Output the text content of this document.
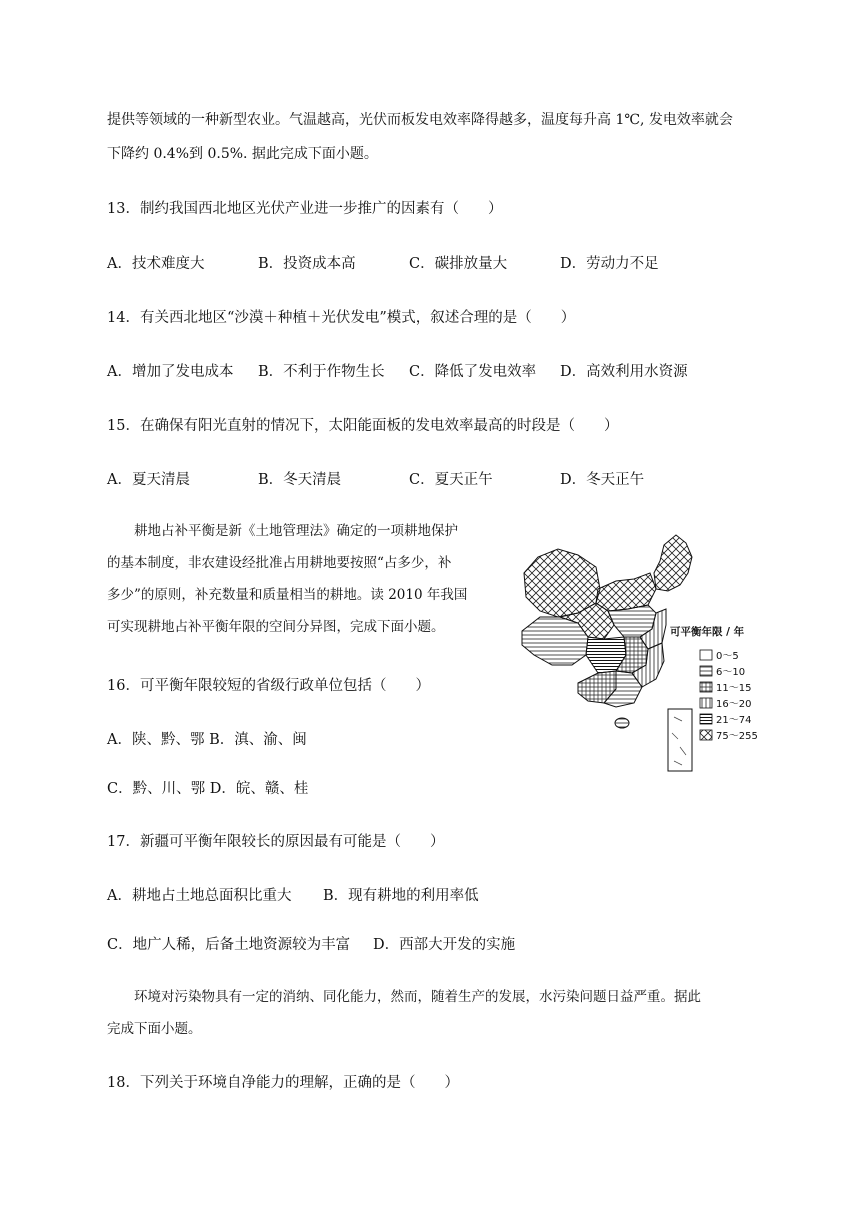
提供等领域的一种新型农业。气温越高，光伏而板发电效率降得越多，温度每升高 1℃, 发电效率就会
下降约 0.4%到 0.5%. 据此完成下面小题。
13．制约我国西北地区光伏产业进一步推广的因素有（　　）
A．技术难度大	B．投资成本高	C．碳排放量大	D．劳动力不足
14．有关西北地区“沙漠＋种植＋光伏发电”模式，叙述合理的是（　　）
A．增加了发电成本 B．不利于作物生长 C．降低了发电效率 D．高效利用水资源
15．在确保有阳光直射的情况下，太阳能面板的发电效率最高的时段是（　　）
A．夏天清晨	B．冬天清晨	C．夏天正午	D．冬天正午
耕地占补平衡是新《土地管理法》确定的一项耕地保护
的基本制度，非农建设经批准占用耕地要按照“占多少，补
多少”的原则，补充数量和质量相当的耕地。读 2010 年我国
可实现耕地占补平衡年限的空间分异图，完成下面小题。	可平衡年限 / 年
0～5
6～10
11～15
16～20
21～74
75～255
16．可平衡年限较短的省级行政单位包括（　　）
A．陕、黔、鄂 B．滇、渝、闽
C．黔、川、鄂 D．皖、赣、桂
17．新疆可平衡年限较长的原因最有可能是（　　）
A．耕地占土地总面积比重大 B．现有耕地的利用率低
C．地广人稀，后备土地资源较为丰富 D．西部大开发的实施
环境对污染物具有一定的消纳、同化能力，然而，随着生产的发展，水污染问题日益严重。据此
完成下面小题。
18．下列关于环境自净能力的理解，正确的是（　　）
